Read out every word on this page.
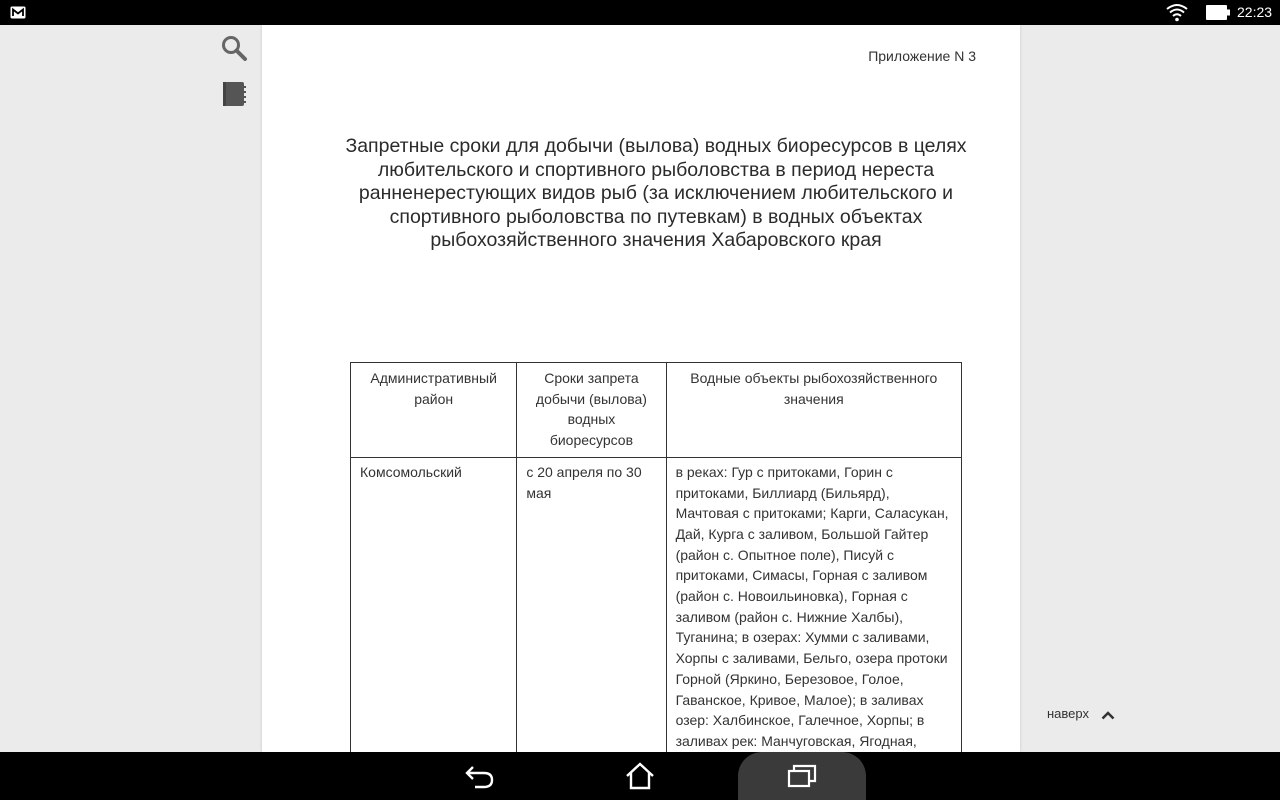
22:23
Приложение N 3
Запретные сроки для добычи (вылова) водных биоресурсов в целях любительского и спортивного рыболовства в период нереста ранненерестующих видов рыб (за исключением любительского и спортивного рыболовства по путевкам) в водных объектах рыбохозяйственного значения Хабаровского края
Административный район	Сроки запрета добычи (вылова) водных биоресурсов	Водные объекты рыбохозяйственного значения
Комсомольский	с 20 апреля по 30 мая	в реках: Гур с притоками, Горин с притоками, Биллиард (Бильярд), Мачтовая с притоками; Карги, Саласукан, Дай, Курга с заливом, Большой Гайтер (район с. Опытное поле), Писуй с притоками, Симасы, Горная с заливом (район с. Новоильиновка), Горная с заливом (район с. Нижние Халбы), Туганина; в озерах: Хумми с заливами, Хорпы с заливами, Бельго, озера протоки Горной (Яркино, Березовое, Голое, Гаванское, Кривое, Малое); в заливах озер: Халбинское, Галечное, Хорпы; в заливах рек: Манчуговская, Ягодная,
наверх
